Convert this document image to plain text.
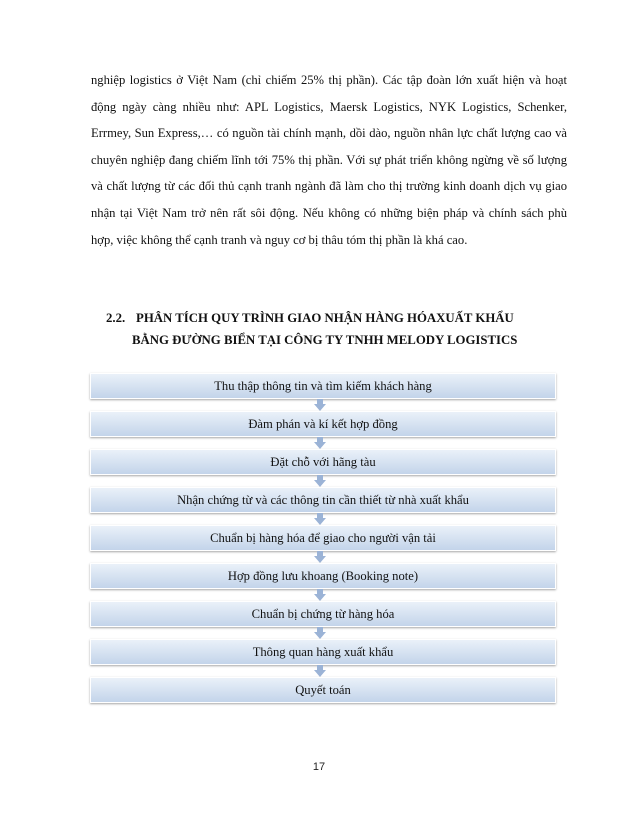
nghiệp logistics ở Việt Nam (chỉ chiếm 25% thị phần). Các tập đoàn lớn xuất hiện và hoạt động ngày càng nhiều như: APL Logistics, Maersk Logistics, NYK Logistics, Schenker, Errmey, Sun Express,… có nguồn tài chính mạnh, dồi dào, nguồn nhân lực chất lượng cao và chuyên nghiệp đang chiếm lĩnh tới 75% thị phần. Với sự phát triển không ngừng về số lượng và chất lượng từ các đối thủ cạnh tranh ngành đã làm cho thị trường kinh doanh dịch vụ giao nhận tại Việt Nam trở nên rất sôi động. Nếu không có những biện pháp và chính sách phù hợp, việc không thể cạnh tranh và nguy cơ bị thâu tóm thị phần là khá cao.

2.2. PHÂN TÍCH QUY TRÌNH GIAO NHẬN HÀNG HÓAXUẤT KHẨU
BẰNG ĐƯỜNG BIỂN TẠI CÔNG TY TNHH MELODY LOGISTICS
Thu thập thông tin và tìm kiếm khách hàng
Đàm phán và kí kết hợp đồng
Đặt chỗ với hãng tàu
Nhận chứng từ và các thông tin cần thiết từ nhà xuất khẩu
Chuẩn bị hàng hóa để giao cho người vận tải
Hợp đồng lưu khoang (Booking note)
Chuẩn bị chứng từ hàng hóa
Thông quan hàng xuất khẩu
Quyết toán
17
